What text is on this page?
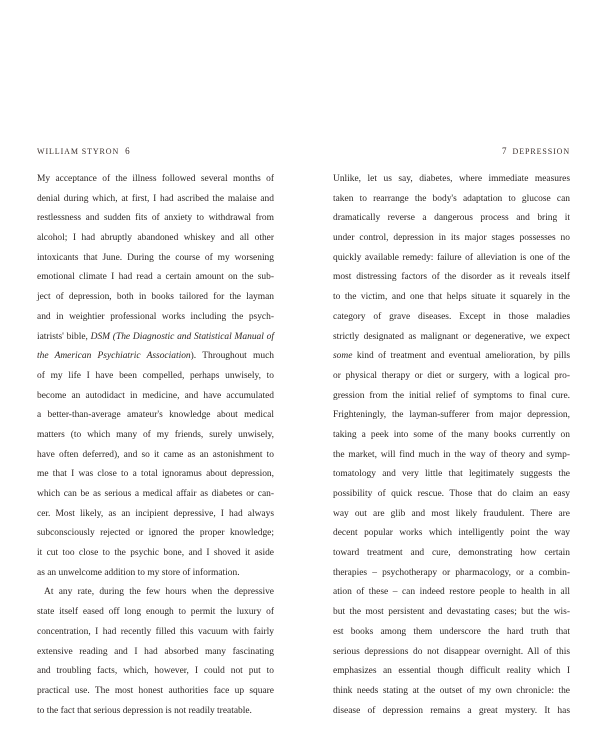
WILLIAM STYRON 6
My acceptance of the illness followed several months of
denial during which, at first, I had ascribed the malaise and
restlessness and sudden fits of anxiety to withdrawal from
alcohol; I had abruptly abandoned whiskey and all other
intoxicants that June. During the course of my worsening
emotional climate I had read a certain amount on the sub-
ject of depression, both in books tailored for the layman
and in weightier professional works including the psych-
iatrists' bible, DSM (The Diagnostic and Statistical Manual of
the American Psychiatric Association). Throughout much
of my life I have been compelled, perhaps unwisely, to
become an autodidact in medicine, and have accumulated
a better-than-average amateur's knowledge about medical
matters (to which many of my friends, surely unwisely,
have often deferred), and so it came as an astonishment to
me that I was close to a total ignoramus about depression,
which can be as serious a medical affair as diabetes or can-
cer. Most likely, as an incipient depressive, I had always
subconsciously rejected or ignored the proper knowledge;
it cut too close to the psychic bone, and I shoved it aside
as an unwelcome addition to my store of information.
At any rate, during the few hours when the depressive
state itself eased off long enough to permit the luxury of
concentration, I had recently filled this vacuum with fairly
extensive reading and I had absorbed many fascinating
and troubling facts, which, however, I could not put to
practical use. The most honest authorities face up square
to the fact that serious depression is not readily treatable.
7 DEPRESSION
Unlike, let us say, diabetes, where immediate measures
taken to rearrange the body's adaptation to glucose can
dramatically reverse a dangerous process and bring it
under control, depression in its major stages possesses no
quickly available remedy: failure of alleviation is one of the
most distressing factors of the disorder as it reveals itself
to the victim, and one that helps situate it squarely in the
category of grave diseases. Except in those maladies
strictly designated as malignant or degenerative, we expect
some kind of treatment and eventual amelioration, by pills
or physical therapy or diet or surgery, with a logical pro-
gression from the initial relief of symptoms to final cure.
Frighteningly, the layman-sufferer from major depression,
taking a peek into some of the many books currently on
the market, will find much in the way of theory and symp-
tomatology and very little that legitimately suggests the
possibility of quick rescue. Those that do claim an easy
way out are glib and most likely fraudulent. There are
decent popular works which intelligently point the way
toward treatment and cure, demonstrating how certain
therapies – psychotherapy or pharmacology, or a combin-
ation of these – can indeed restore people to health in all
but the most persistent and devastating cases; but the wis-
est books among them underscore the hard truth that
serious depressions do not disappear overnight. All of this
emphasizes an essential though difficult reality which I
think needs stating at the outset of my own chronicle: the
disease of depression remains a great mystery. It has
